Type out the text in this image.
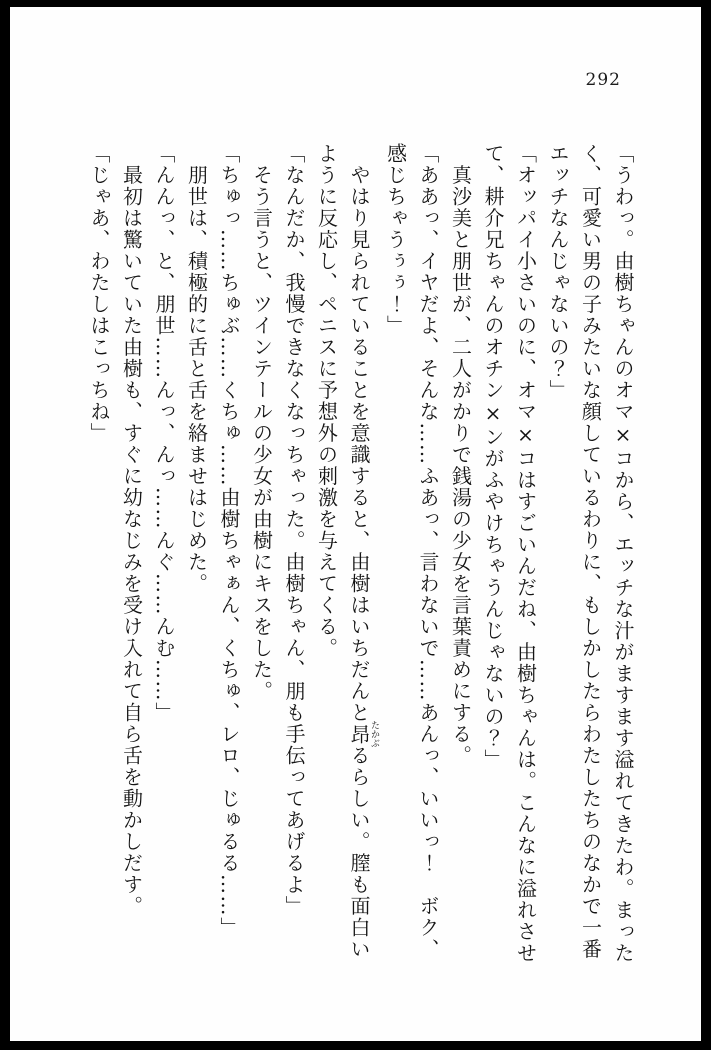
292
「うわっ。由樹ちゃんのオマ×コから、エッチな汁がますます溢れてきたわ。まった
く、可愛い男の子みたいな顔しているわりに、もしかしたらわたしたちのなかで一番
エッチなんじゃないの？」
「オッパイ小さいのに、オマ×コはすごいんだね、由樹ちゃんは。こんなに溢れさせ
て、耕介兄ちゃんのオチン×ンがふやけちゃうんじゃないの？」
　真沙美と朋世が、二人がかりで銭湯の少女を言葉責めにする。
「ああっ、イヤだよ、そんな……ふあっ、言わないで……あんっ、いいっ！　ボク、
感じちゃうぅぅ！」
　やはり見られていることを意識すると、由樹はいちだんと昂たかぶるらしい。膣も面白い
ように反応し、ペニスに予想外の刺激を与えてくる。
「なんだか、我慢できなくなっちゃった。由樹ちゃん、朋も手伝ってあげるよ」
　そう言うと、ツインテールの少女が由樹にキスをした。
「ちゅっ……ちゅぶ……くちゅ……由樹ちゃぁん、くちゅ、レロ、じゅるる……」
　朋世は、積極的に舌と舌を絡ませはじめた。
「んんっ、と、朋世……んっ、んっ……んぐ……んむ……」
　最初は驚いていた由樹も、すぐに幼なじみを受け入れて自ら舌を動かしだす。
「じゃあ、わたしはこっちね」
